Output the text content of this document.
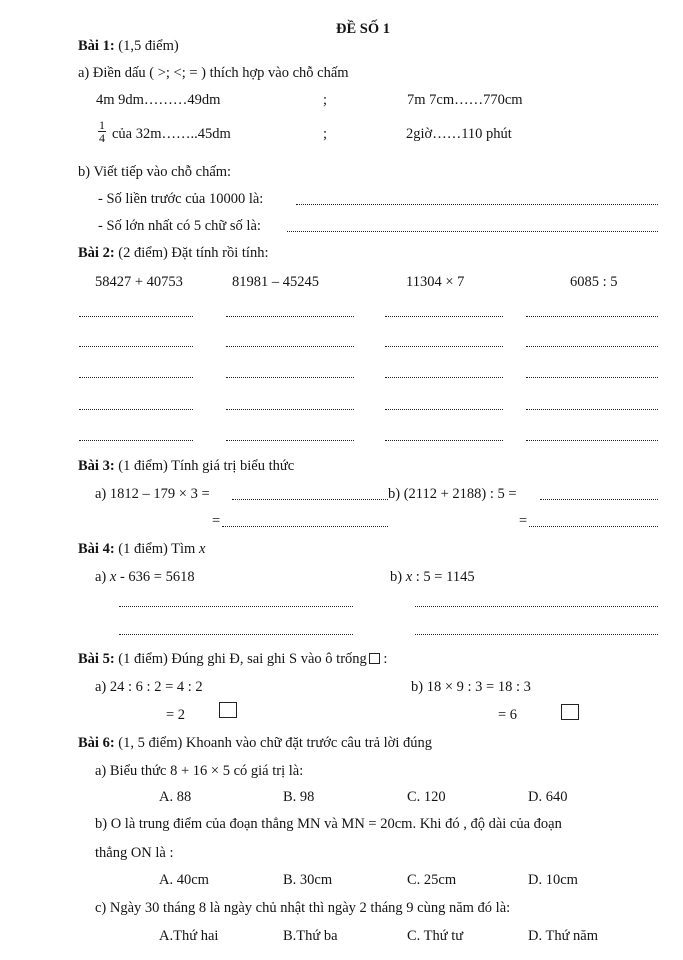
ĐỀ SỐ 1
Bài 1: (1,5 điểm)
a) Điền dấu ( >; <; = ) thích hợp vào chỗ chấm
4m 9dm………49dm	;	7m 7cm……770cm
$\frac{1}{4}$ của 32m……..45dm	;	2giờ……110 phút
b) Viết tiếp vào chỗ chấm:
- Số liền trước của 10000 là:
- Số lớn nhất có 5 chữ số là:
Bài 2: (2 điểm) Đặt tính rồi tính:
58427 + 40753	81981 – 45245	11304 × 7	6085 : 5
Bài 3: (1 điểm) Tính giá trị biểu thức
a) 1812 – 179 × 3 =	b) (2112 + 2188) : 5 =
=	=
Bài 4: (1 điểm) Tìm x
a) x - 636 = 5618	b) x : 5 = 1145
Bài 5: (1 điểm) Đúng ghi Đ, sai ghi S vào ô trống :
a) 24 : 6 : 2 = 4 : 2	b) 18 × 9 : 3 = 18 : 3
= 2	= 6
Bài 6: (1, 5 điểm) Khoanh vào chữ đặt trước câu trả lời đúng
a) Biểu thức 8 + 16 × 5 có giá trị là:
A. 88	B. 98	C. 120	D. 640
b) O là trung điểm của đoạn thẳng MN và MN = 20cm. Khi đó , độ dài của đoạn
thẳng ON là :
A. 40cm	B. 30cm	C. 25cm	D. 10cm
c) Ngày 30 tháng 8 là ngày chủ nhật thì ngày 2 tháng 9 cùng năm đó là:
A.Thứ hai	B.Thứ ba	C. Thứ tư	D. Thứ năm
